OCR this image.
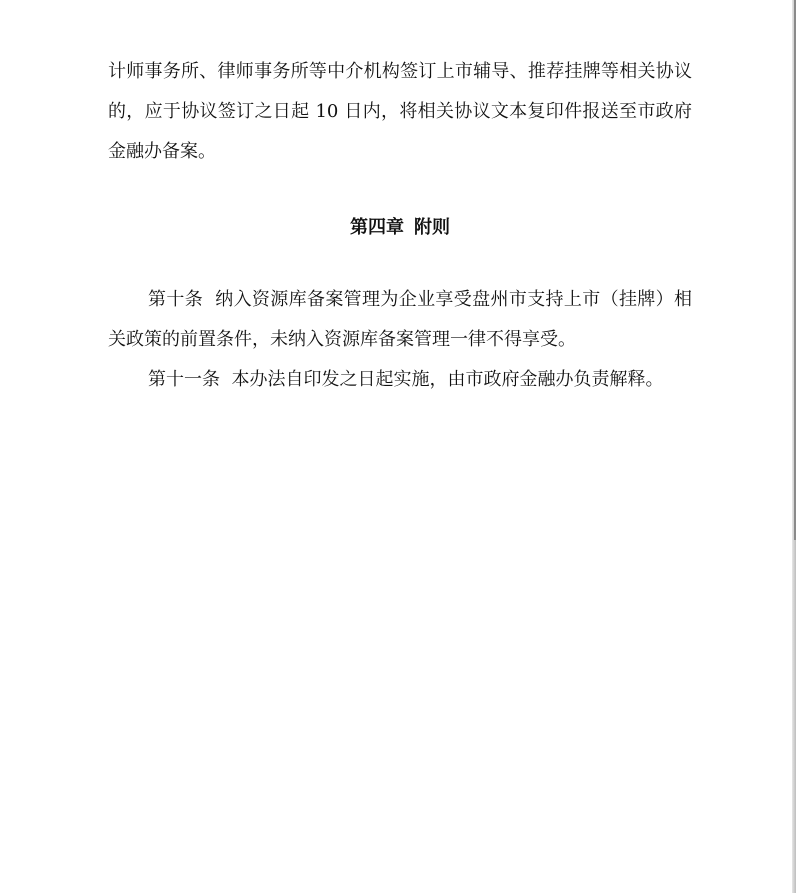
计师事务所、律师事务所等中介机构签订上市辅导、推荐挂牌等相关协议的，应于协议签订之日起 10 日内，将相关协议文本复印件报送至市政府金融办备案。

第四章 附则

第十条 纳入资源库备案管理为企业享受盘州市支持上市（挂牌）相关政策的前置条件，未纳入资源库备案管理一律不得享受。

第十一条 本办法自印发之日起实施，由市政府金融办负责解释。
